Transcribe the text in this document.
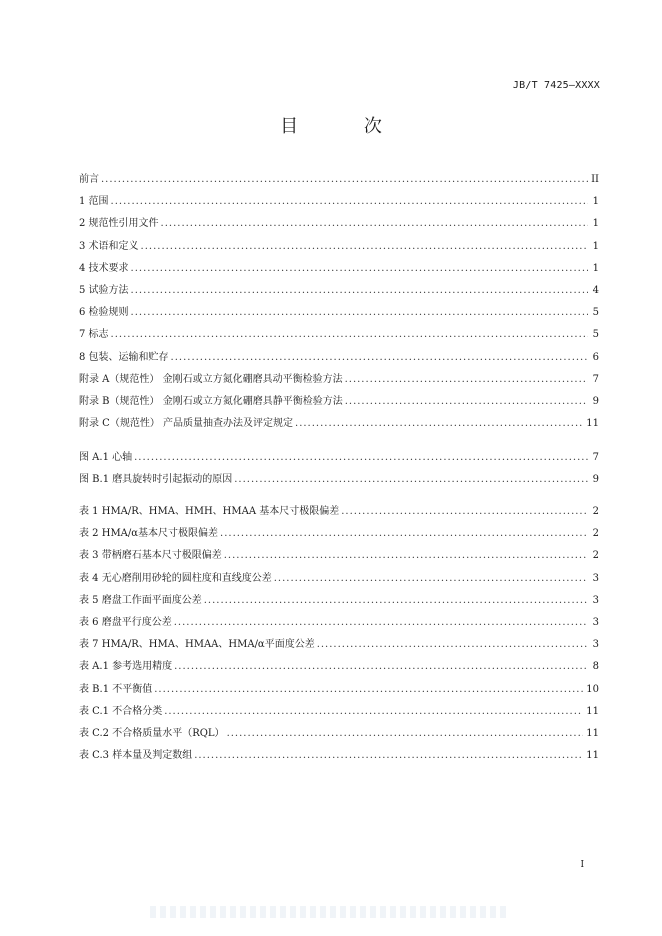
JB/T 7425—XXXX
目 次
前言 .....	II
1 范围 .....	1
2 规范性引用文件 .....	1
3 术语和定义 .....	1
4 技术要求 .....	1
5 试验方法 .....	4
6 检验规则 .....	5
7 标志 .....	5
8 包装、运输和贮存 .....	6
附录 A（规范性） 金刚石或立方氮化硼磨具动平衡检验方法 .....	7
附录 B（规范性） 金刚石或立方氮化硼磨具静平衡检验方法 .....	9
附录 C（规范性） 产品质量抽查办法及评定规定 .....	11
图 A.1 心轴 .....	7
图 B.1 磨具旋转时引起振动的原因 .....	9
表 1 HMA/R、HMA、HMH、HMAA 基本尺寸极限偏差 .....	2
表 2 HMA/α基本尺寸极限偏差 .....	2
表 3 带柄磨石基本尺寸极限偏差 .....	2
表 4 无心磨削用砂轮的圆柱度和直线度公差 .....	3
表 5 磨盘工作面平面度公差 .....	3
表 6 磨盘平行度公差 .....	3
表 7 HMA/R、HMA、HMAA、HMA/α平面度公差 .....	3
表 A.1 参考选用精度 .....	8
表 B.1 不平衡值 .....	10
表 C.1 不合格分类 .....	11
表 C.2 不合格质量水平（RQL） .....	11
表 C.3 样本量及判定数组 .....	11
I
